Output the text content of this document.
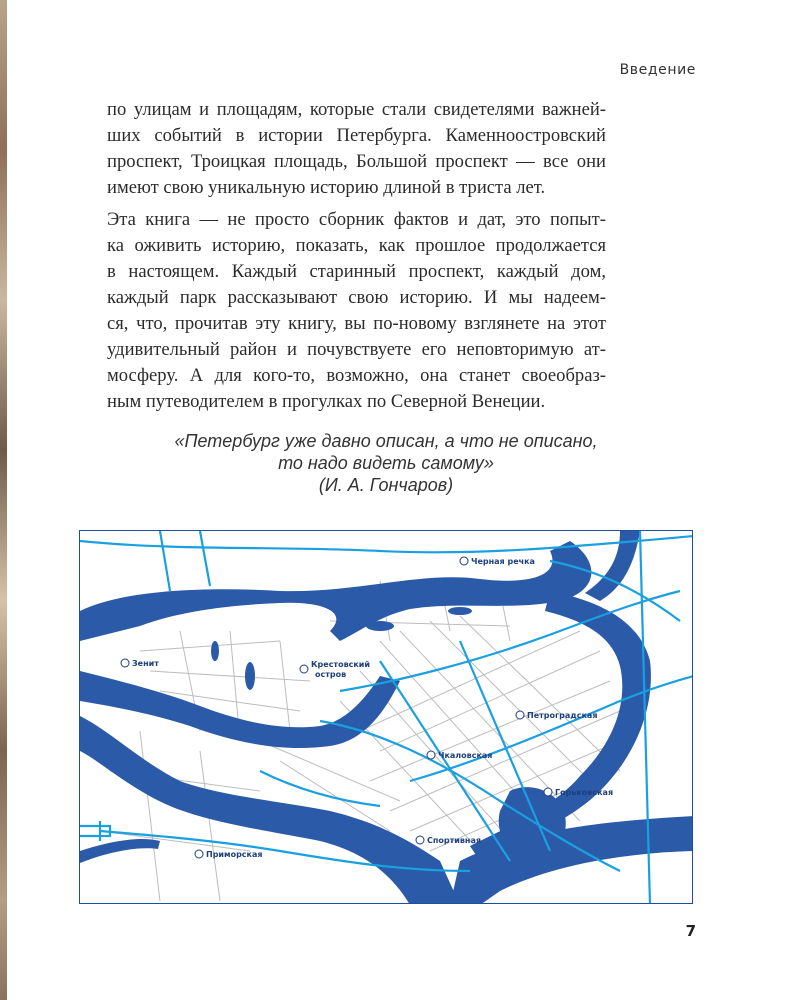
Введение
по улицам и площадям, которые стали свидетелями важней-
ших событий в истории Петербурга. Каменноостровский
проспект, Троицкая площадь, Большой проспект — все они
имеют свою уникальную историю длиной в триста лет.
Эта книга — не просто сборник фактов и дат, это попыт-
ка оживить историю, показать, как прошлое продолжается
в настоящем. Каждый старинный проспект, каждый дом,
каждый парк рассказывают свою историю. И мы надеем-
ся, что, прочитав эту книгу, вы по-новому взглянете на этот
удивительный район и почувствуете его неповторимую ат-
мосферу. А для кого-то, возможно, она станет своеобраз-
ным путеводителем в прогулках по Северной Венеции.
«Петербург уже давно описан, а что не описано,
то надо видеть самому»
(И. А. Гончаров)
Черная речка
Зенит	Крестовский
остров
Петроградская
Чкаловская
Горьковская
Спортивная
Приморская
7
